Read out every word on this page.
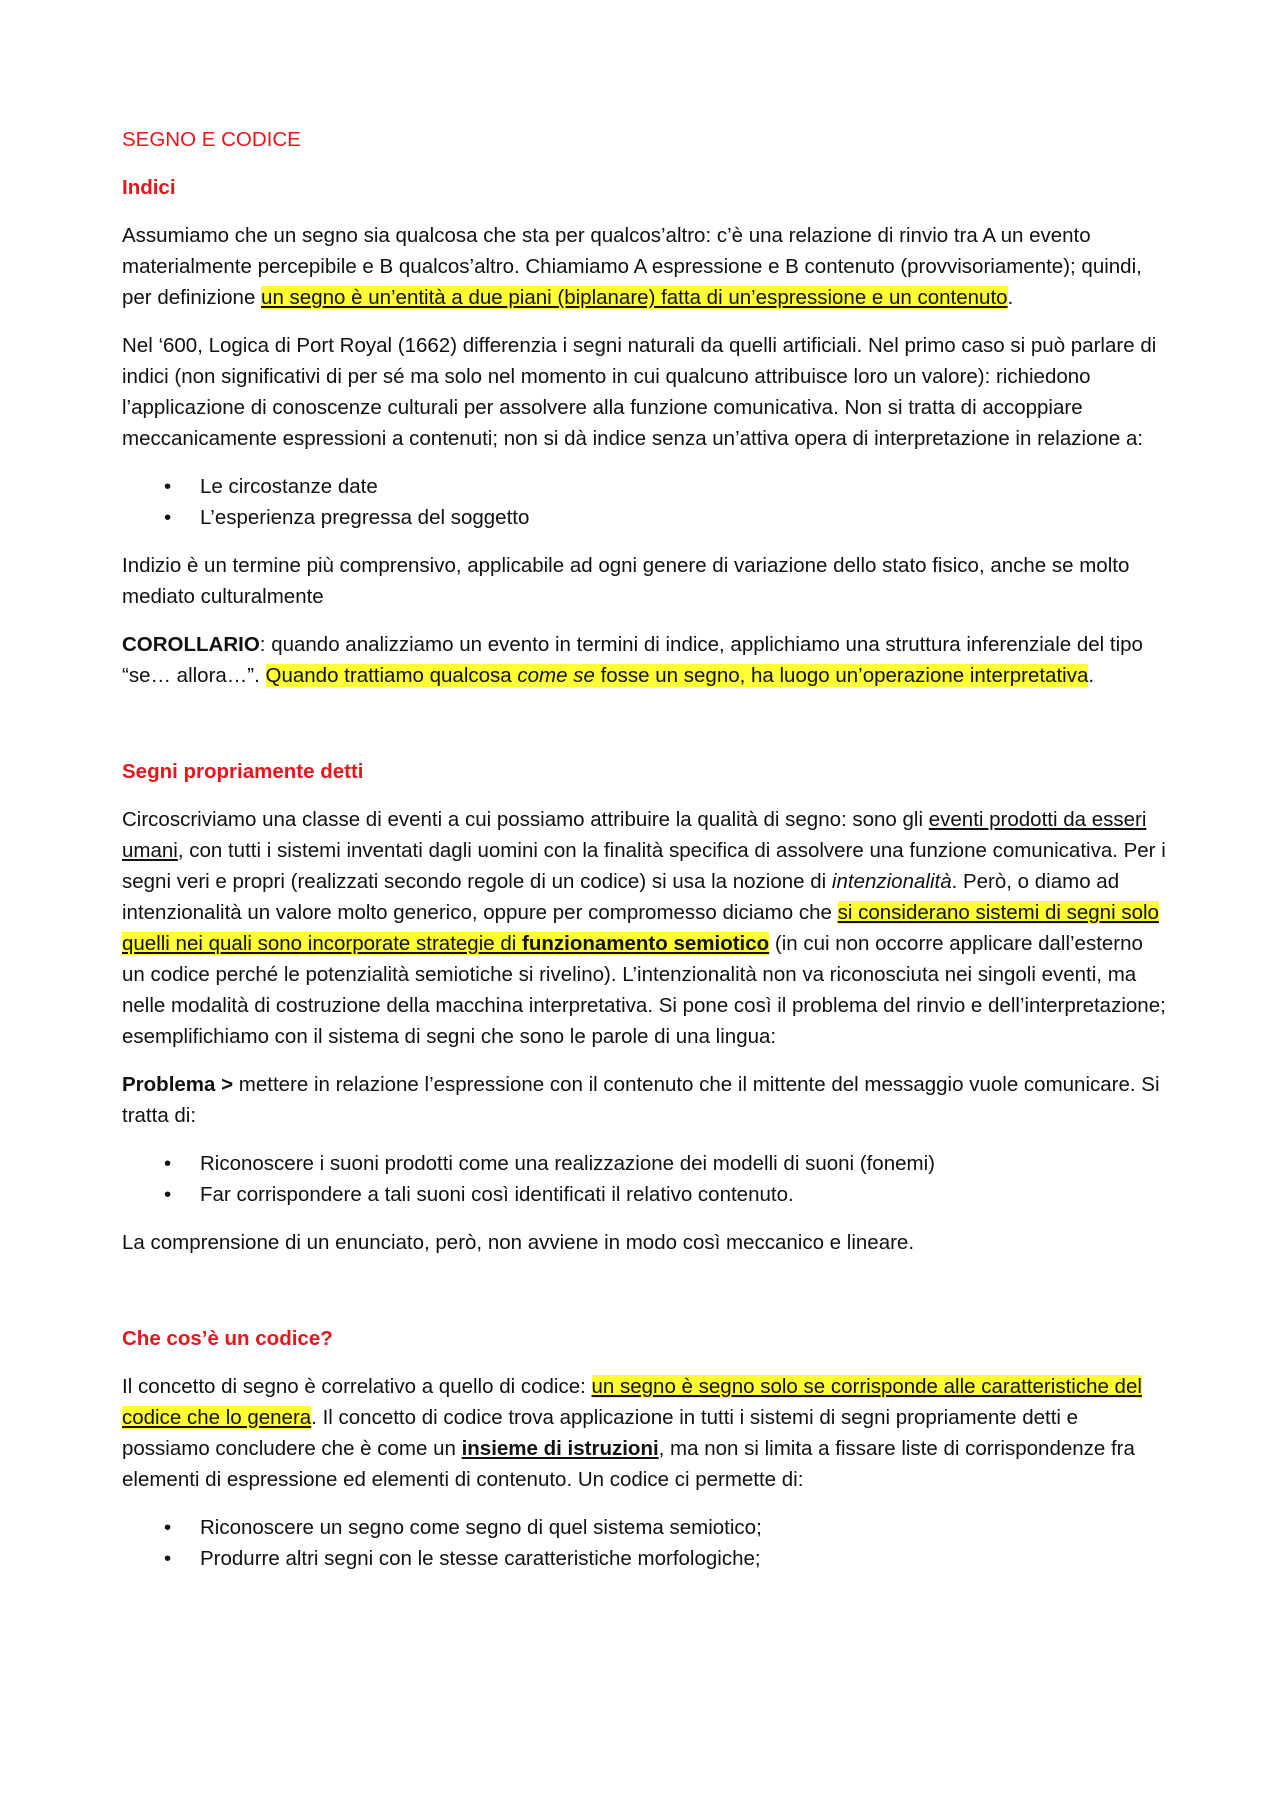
SEGNO E CODICE

Indici

Assumiamo che un segno sia qualcosa che sta per qualcos’altro: c’è una relazione di rinvio tra A un evento materialmente percepibile e B qualcos’altro. Chiamiamo A espressione e B contenuto (provvisoriamente); quindi, per definizione un segno è un’entità a due piani (biplanare) fatta di un’espressione e un contenuto.

Nel ‘600, Logica di Port Royal (1662) differenzia i segni naturali da quelli artificiali. Nel primo caso si può parlare di indici (non significativi di per sé ma solo nel momento in cui qualcuno attribuisce loro un valore): richiedono l’applicazione di conoscenze culturali per assolvere alla funzione comunicativa. Non si tratta di accoppiare meccanicamente espressioni a contenuti; non si dà indice senza un’attiva opera di interpretazione in relazione a:

• Le circostanze date
• L’esperienza pregressa del soggetto

Indizio è un termine più comprensivo, applicabile ad ogni genere di variazione dello stato fisico, anche se molto mediato culturalmente

COROLLARIO: quando analizziamo un evento in termini di indice, applichiamo una struttura inferenziale del tipo “se… allora…”. Quando trattiamo qualcosa come se fosse un segno, ha luogo un’operazione interpretativa.

Segni propriamente detti

Circoscriviamo una classe di eventi a cui possiamo attribuire la qualità di segno: sono gli eventi prodotti da esseri umani, con tutti i sistemi inventati dagli uomini con la finalità specifica di assolvere una funzione comunicativa. Per i segni veri e propri (realizzati secondo regole di un codice) si usa la nozione di intenzionalità. Però, o diamo ad intenzionalità un valore molto generico, oppure per compromesso diciamo che si considerano sistemi di segni solo quelli nei quali sono incorporate strategie di funzionamento semiotico (in cui non occorre applicare dall’esterno un codice perché le potenzialità semiotiche si rivelino). L’intenzionalità non va riconosciuta nei singoli eventi, ma nelle modalità di costruzione della macchina interpretativa. Si pone così il problema del rinvio e dell’interpretazione; esemplifichiamo con il sistema di segni che sono le parole di una lingua:

Problema > mettere in relazione l’espressione con il contenuto che il mittente del messaggio vuole comunicare. Si tratta di:

• Riconoscere i suoni prodotti come una realizzazione dei modelli di suoni (fonemi)
• Far corrispondere a tali suoni così identificati il relativo contenuto.

La comprensione di un enunciato, però, non avviene in modo così meccanico e lineare.

Che cos’è un codice?

Il concetto di segno è correlativo a quello di codice: un segno è segno solo se corrisponde alle caratteristiche del codice che lo genera. Il concetto di codice trova applicazione in tutti i sistemi di segni propriamente detti e possiamo concludere che è come un insieme di istruzioni, ma non si limita a fissare liste di corrispondenze fra elementi di espressione ed elementi di contenuto. Un codice ci permette di:

• Riconoscere un segno come segno di quel sistema semiotico;
• Produrre altri segni con le stesse caratteristiche morfologiche;
